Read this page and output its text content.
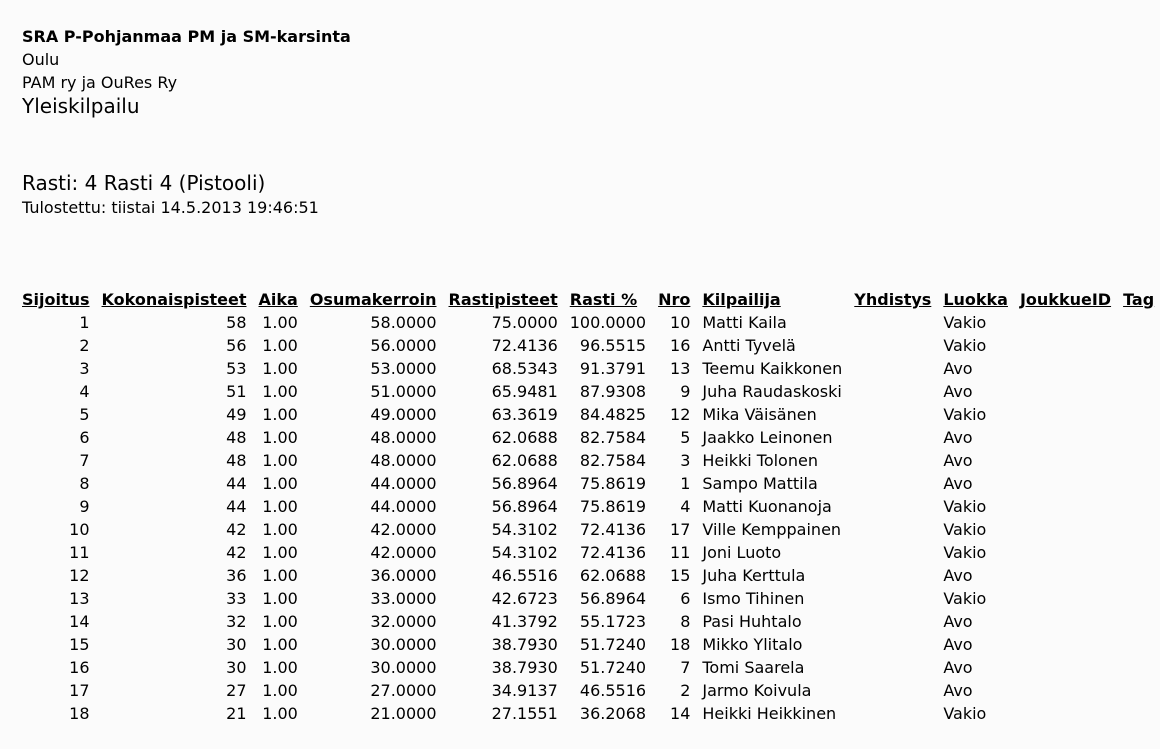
SRA P-Pohjanmaa PM ja SM-karsinta
Oulu
PAM ry ja OuRes Ry
Yleiskilpailu
Rasti: 4 Rasti 4 (Pistooli)
Tulostettu: tiistai 14.5.2013 19:46:51
Sijoitus	Kokonaispisteet	Aika	Osumakerroin	Rastipisteet	Rasti %	Nro	Kilpailija	Yhdistys	Luokka	JoukkueID	Tag
1	58	1.00	58.0000	75.0000	100.0000	10	Matti Kaila		Vakio		
2	56	1.00	56.0000	72.4136	96.5515	16	Antti Tyvelä		Vakio		
3	53	1.00	53.0000	68.5343	91.3791	13	Teemu Kaikkonen		Avo		
4	51	1.00	51.0000	65.9481	87.9308	9	Juha Raudaskoski		Avo		
5	49	1.00	49.0000	63.3619	84.4825	12	Mika Väisänen		Vakio		
6	48	1.00	48.0000	62.0688	82.7584	5	Jaakko Leinonen		Avo		
7	48	1.00	48.0000	62.0688	82.7584	3	Heikki Tolonen		Avo		
8	44	1.00	44.0000	56.8964	75.8619	1	Sampo Mattila		Avo		
9	44	1.00	44.0000	56.8964	75.8619	4	Matti Kuonanoja		Vakio		
10	42	1.00	42.0000	54.3102	72.4136	17	Ville Kemppainen		Vakio		
11	42	1.00	42.0000	54.3102	72.4136	11	Joni Luoto		Vakio		
12	36	1.00	36.0000	46.5516	62.0688	15	Juha Kerttula		Avo		
13	33	1.00	33.0000	42.6723	56.8964	6	Ismo Tihinen		Vakio		
14	32	1.00	32.0000	41.3792	55.1723	8	Pasi Huhtalo		Avo		
15	30	1.00	30.0000	38.7930	51.7240	18	Mikko Ylitalo		Avo		
16	30	1.00	30.0000	38.7930	51.7240	7	Tomi Saarela		Avo		
17	27	1.00	27.0000	34.9137	46.5516	2	Jarmo Koivula		Avo		
18	21	1.00	21.0000	27.1551	36.2068	14	Heikki Heikkinen		Vakio		
